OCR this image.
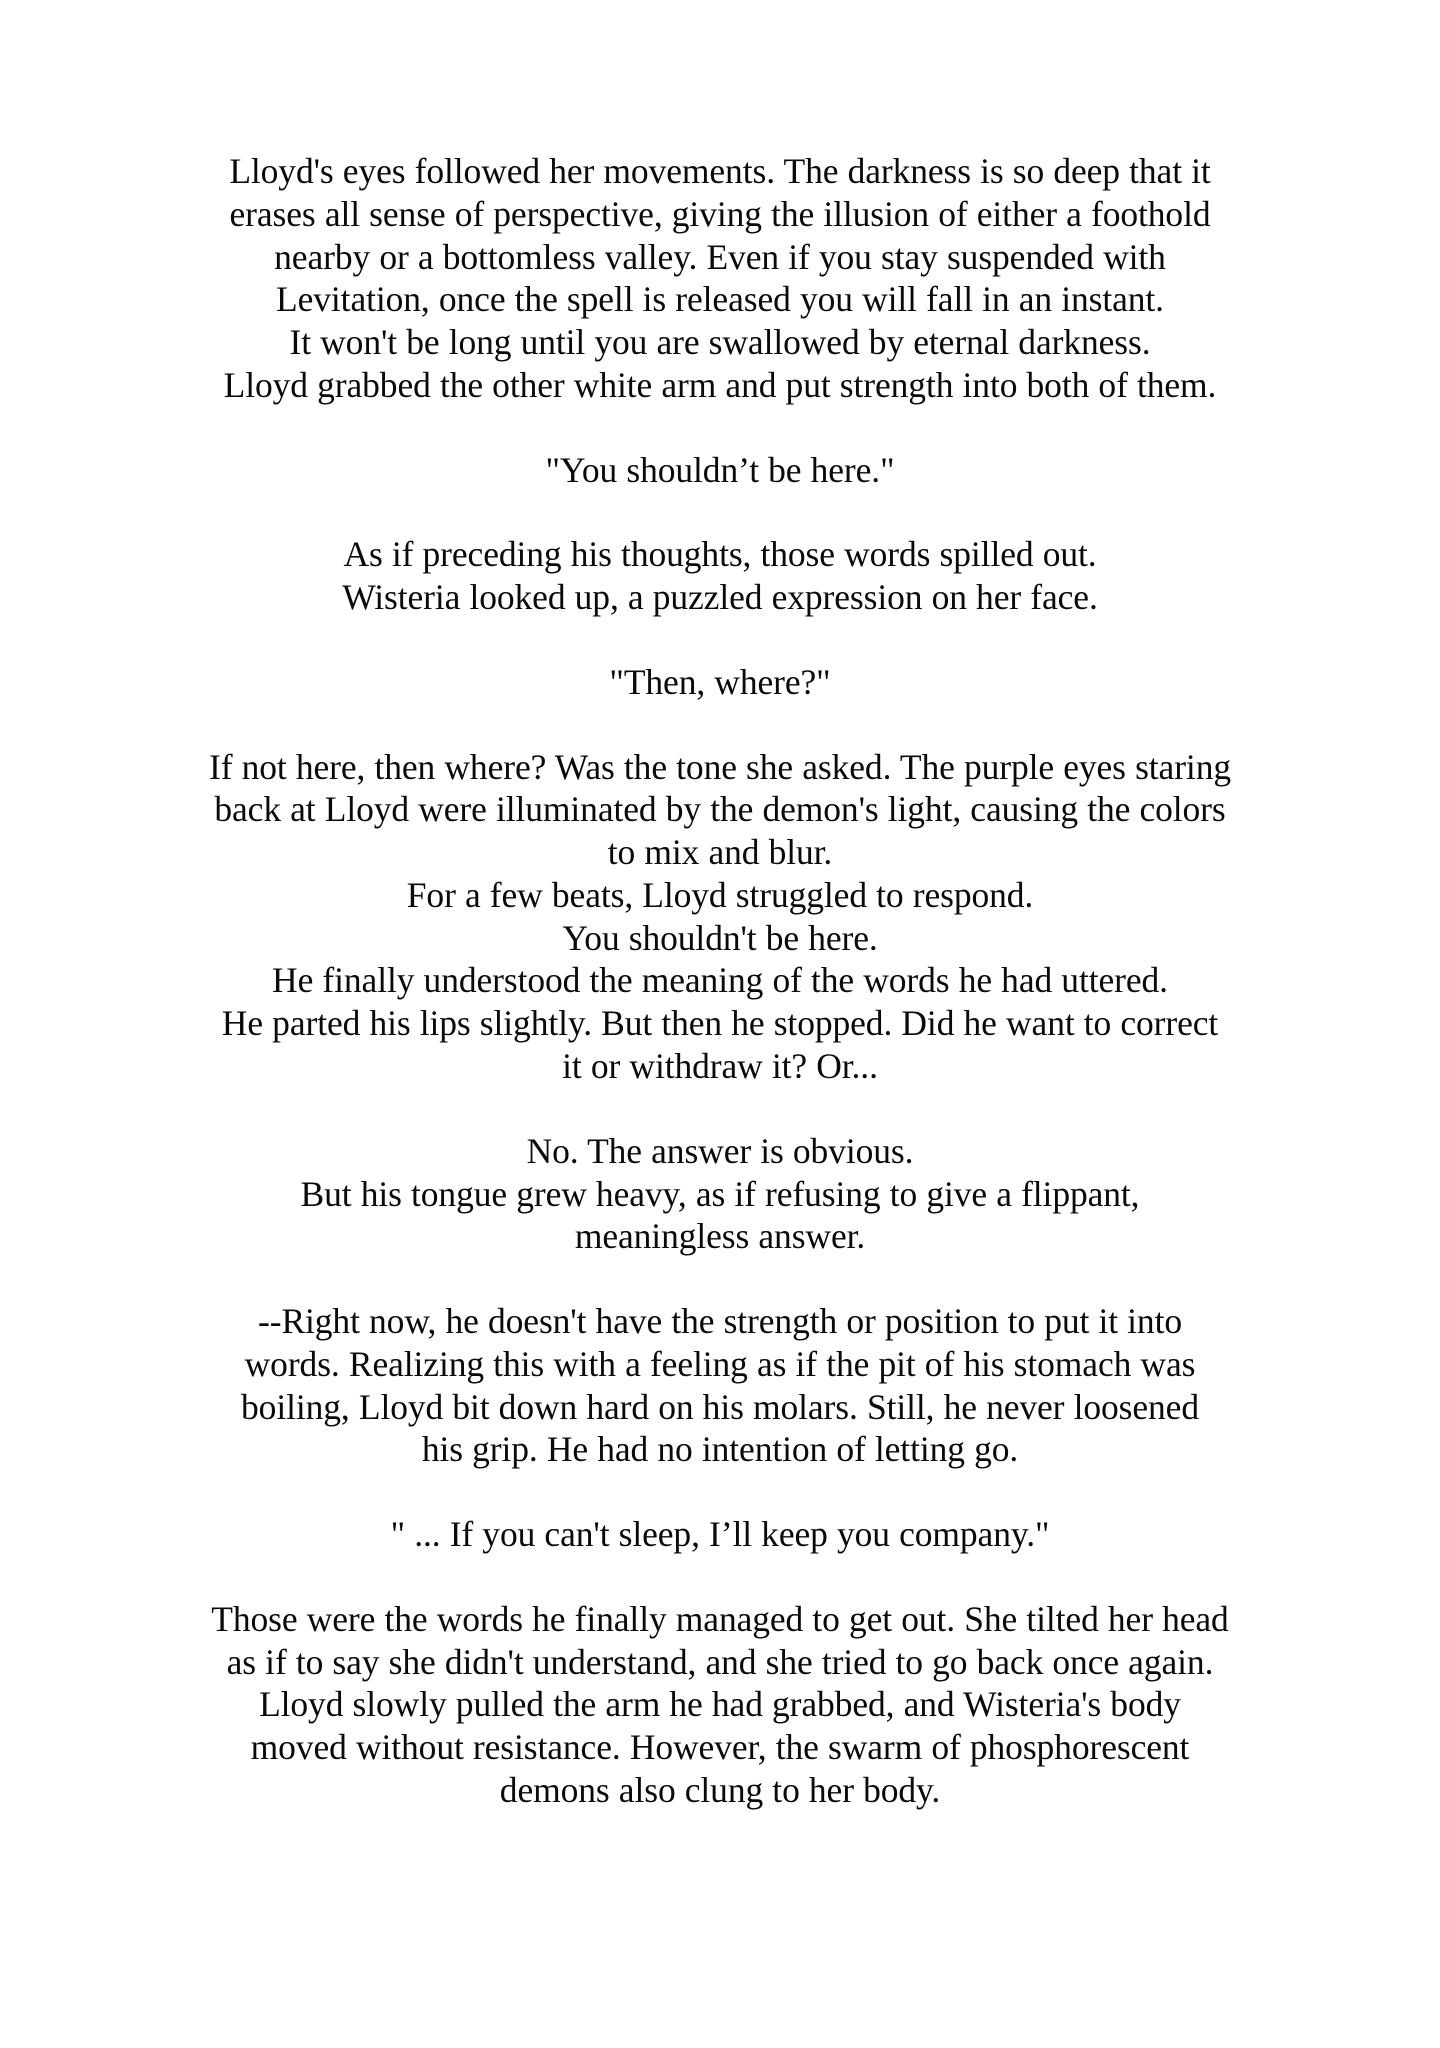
Lloyd's eyes followed her movements. The darkness is so deep that it
erases all sense of perspective, giving the illusion of either a foothold
nearby or a bottomless valley. Even if you stay suspended with
Levitation, once the spell is released you will fall in an instant.
It won't be long until you are swallowed by eternal darkness.
Lloyd grabbed the other white arm and put strength into both of them.
"You shouldn’t be here."
As if preceding his thoughts, those words spilled out.
Wisteria looked up, a puzzled expression on her face.
"Then, where?"
If not here, then where? Was the tone she asked. The purple eyes staring
back at Lloyd were illuminated by the demon's light, causing the colors
to mix and blur.
For a few beats, Lloyd struggled to respond.
You shouldn't be here.
He finally understood the meaning of the words he had uttered.
He parted his lips slightly. But then he stopped. Did he want to correct
it or withdraw it? Or...
No. The answer is obvious.
But his tongue grew heavy, as if refusing to give a flippant,
meaningless answer.
--Right now, he doesn't have the strength or position to put it into
words. Realizing this with a feeling as if the pit of his stomach was
boiling, Lloyd bit down hard on his molars. Still, he never loosened
his grip. He had no intention of letting go.
" ... If you can't sleep, I’ll keep you company."
Those were the words he finally managed to get out. She tilted her head
as if to say she didn't understand, and she tried to go back once again.
Lloyd slowly pulled the arm he had grabbed, and Wisteria's body
moved without resistance. However, the swarm of phosphorescent
demons also clung to her body.
